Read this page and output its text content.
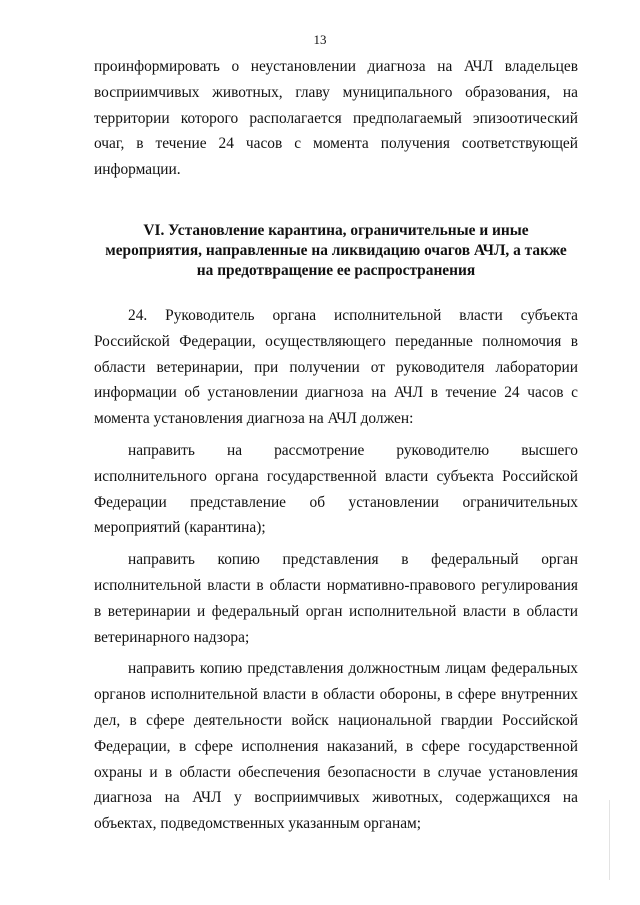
13

проинформировать о неустановлении диагноза на АЧЛ владельцев восприимчивых животных, главу муниципального образования, на территории которого располагается предполагаемый эпизоотический очаг, в течение 24 часов с момента получения соответствующей информации.

VI. Установление карантина, ограничительные и иные
мероприятия, направленные на ликвидацию очагов АЧЛ, а также
на предотвращение ее распространения

24. Руководитель органа исполнительной власти субъекта Российской Федерации, осуществляющего переданные полномочия в области ветеринарии, при получении от руководителя лаборатории информации об установлении диагноза на АЧЛ в течение 24 часов с момента установления диагноза на АЧЛ должен:

направить на рассмотрение руководителю высшего исполнительного органа государственной власти субъекта Российской Федерации представление об установлении ограничительных мероприятий (карантина);

направить копию представления в федеральный орган исполнительной власти в области нормативно-правового регулирования в ветеринарии и федеральный орган исполнительной власти в области ветеринарного надзора;

направить копию представления должностным лицам федеральных органов исполнительной власти в области обороны, в сфере внутренних дел, в сфере деятельности войск национальной гвардии Российской Федерации, в сфере исполнения наказаний, в сфере государственной охраны и в области обеспечения безопасности в случае установления диагноза на АЧЛ у восприимчивых животных, содержащихся на объектах, подведомственных указанным органам;
